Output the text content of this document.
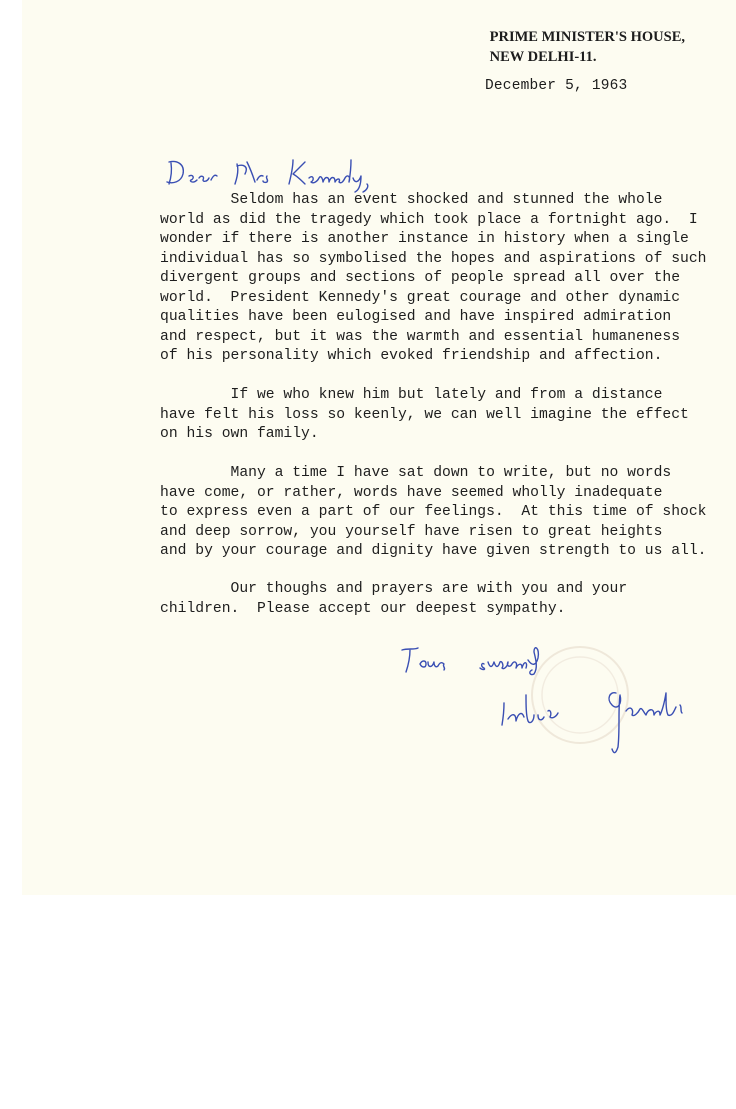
PRIME MINISTER'S HOUSE,
NEW DELHI-11.
December 5, 1963

Seldom has an event shocked and stunned the whole
world as did the tragedy which took place a fortnight ago.  I
wonder if there is another instance in history when a single
individual has so symbolised the hopes and aspirations of such
divergent groups and sections of people spread all over the
world.  President Kennedy's great courage and other dynamic
qualities have been eulogised and have inspired admiration
and respect, but it was the warmth and essential humaneness
of his personality which evoked friendship and affection.

If we who knew him but lately and from a distance
have felt his loss so keenly, we can well imagine the effect
on his own family.

Many a time I have sat down to write, but no words
have come, or rather, words have seemed wholly inadequate
to express even a part of our feelings.  At this time of shock
and deep sorrow, you yourself have risen to great heights
and by your courage and dignity have given strength to us all.

Our thoughs and prayers are with you and your
children.  Please accept our deepest sympathy.
